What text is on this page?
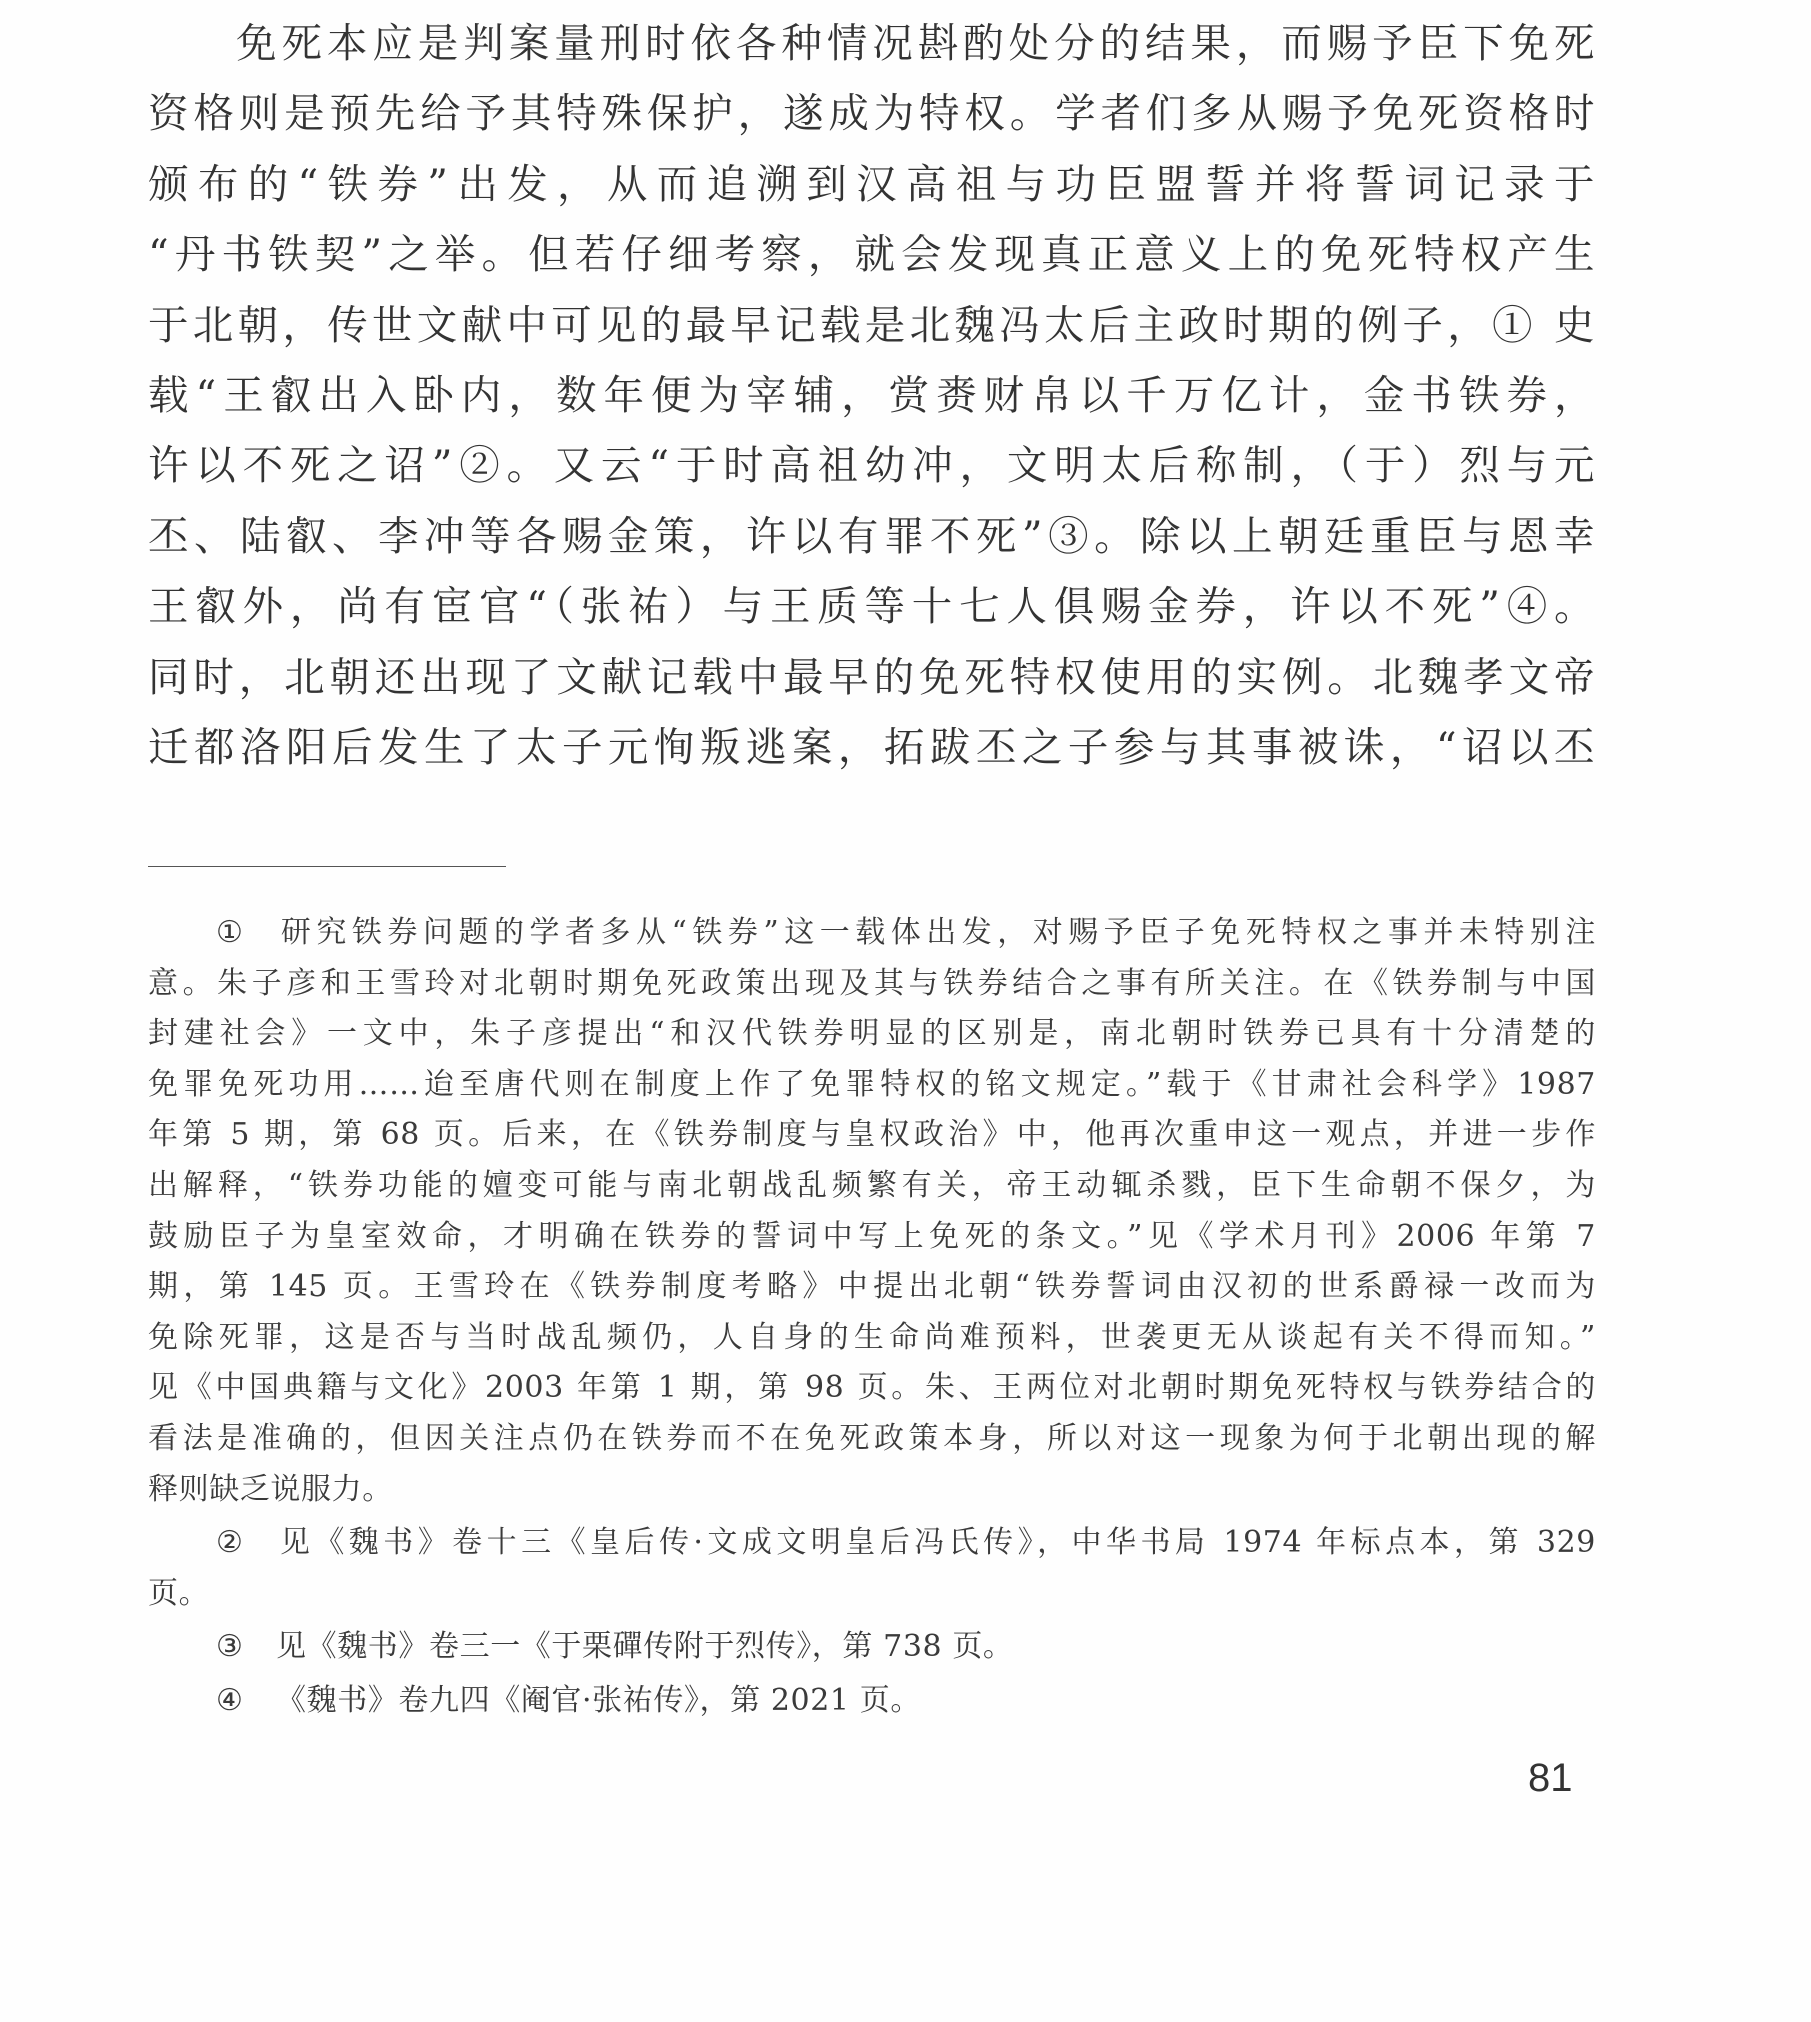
免死本应是判案量刑时依各种情况斟酌处分的结果，而赐予臣下免死
资格则是预先给予其特殊保护，遂成为特权。学者们多从赐予免死资格时
颁布的“铁券”出发，从而追溯到汉高祖与功臣盟誓并将誓词记录于
“丹书铁契”之举。但若仔细考察，就会发现真正意义上的免死特权产生
于北朝，传世文献中可见的最早记载是北魏冯太后主政时期的例子，① 史
载“王叡出入卧内，数年便为宰辅，赏赉财帛以千万亿计，金书铁券，
许以不死之诏”②。又云“于时高祖幼冲，文明太后称制，（于）烈与元
丕、陆叡、李冲等各赐金策，许以有罪不死”③。除以上朝廷重臣与恩幸
王叡外，尚有宦官“（张祐）与王质等十七人俱赐金券，许以不死”④。
同时，北朝还出现了文献记载中最早的免死特权使用的实例。北魏孝文帝
迁都洛阳后发生了太子元恂叛逃案，拓跋丕之子参与其事被诛，“诏以丕
① 研究铁券问题的学者多从“铁券”这一载体出发，对赐予臣子免死特权之事并未特别注
意。朱子彦和王雪玲对北朝时期免死政策出现及其与铁券结合之事有所关注。在《铁券制与中国
封建社会》一文中，朱子彦提出“和汉代铁券明显的区别是，南北朝时铁券已具有十分清楚的
免罪免死功用……迨至唐代则在制度上作了免罪特权的铭文规定。”载于《甘肃社会科学》1987
年第 5 期，第 68 页。后来，在《铁券制度与皇权政治》中，他再次重申这一观点，并进一步作
出解释，“铁券功能的嬗变可能与南北朝战乱频繁有关，帝王动辄杀戮，臣下生命朝不保夕，为
鼓励臣子为皇室效命，才明确在铁券的誓词中写上免死的条文。”见《学术月刊》2006 年第 7
期，第 145 页。王雪玲在《铁券制度考略》中提出北朝“铁券誓词由汉初的世系爵禄一改而为
免除死罪，这是否与当时战乱频仍，人自身的生命尚难预料，世袭更无从谈起有关不得而知。”
见《中国典籍与文化》2003 年第 1 期，第 98 页。朱、王两位对北朝时期免死特权与铁券结合的
看法是准确的，但因关注点仍在铁券而不在免死政策本身，所以对这一现象为何于北朝出现的解
释则缺乏说服力。
② 见《魏书》卷十三《皇后传·文成文明皇后冯氏传》，中华书局 1974 年标点本，第 329
页。
③ 见《魏书》卷三一《于栗磾传附于烈传》，第 738 页。
④ 《魏书》卷九四《阉官·张祐传》，第 2021 页。
81
